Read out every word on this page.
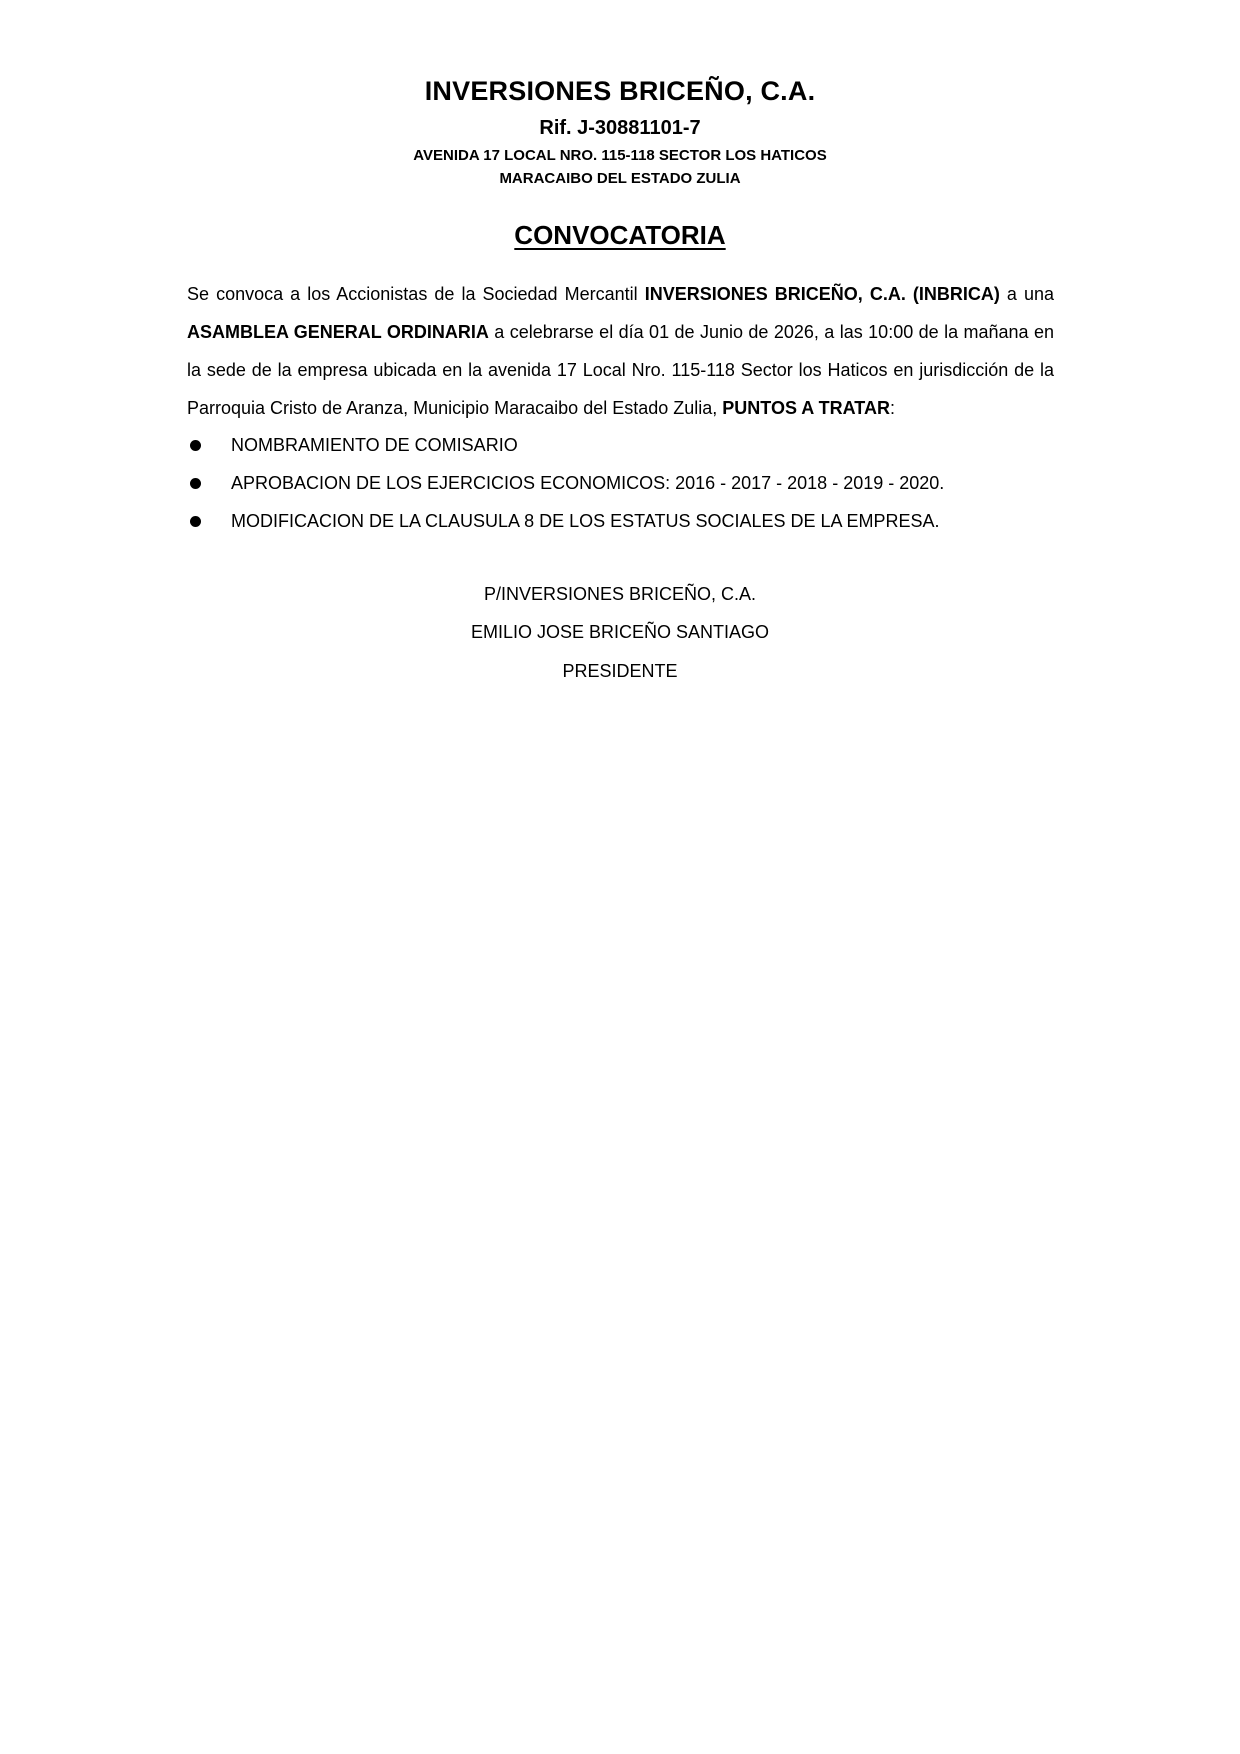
INVERSIONES BRICEÑO, C.A.
Rif. J-30881101-7
AVENIDA 17 LOCAL NRO. 115-118 SECTOR LOS HATICOS
MARACAIBO DEL ESTADO ZULIA
CONVOCATORIA

Se convoca a los Accionistas de la Sociedad Mercantil INVERSIONES BRICEÑO, C.A. (INBRICA) a una ASAMBLEA GENERAL ORDINARIA a celebrarse el día 01 de Junio de 2026, a las 10:00 de la mañana en la sede de la empresa ubicada en la avenida 17 Local Nro. 115-118 Sector los Haticos en jurisdicción de la Parroquia Cristo de Aranza, Municipio Maracaibo del Estado Zulia, PUNTOS A TRATAR:

NOMBRAMIENTO DE COMISARIO
APROBACION DE LOS EJERCICIOS ECONOMICOS: 2016 - 2017 - 2018 - 2019 - 2020.
MODIFICACION DE LA CLAUSULA 8 DE LOS ESTATUS SOCIALES DE LA EMPRESA.
P/INVERSIONES BRICEÑO, C.A.
EMILIO JOSE BRICEÑO SANTIAGO
PRESIDENTE
